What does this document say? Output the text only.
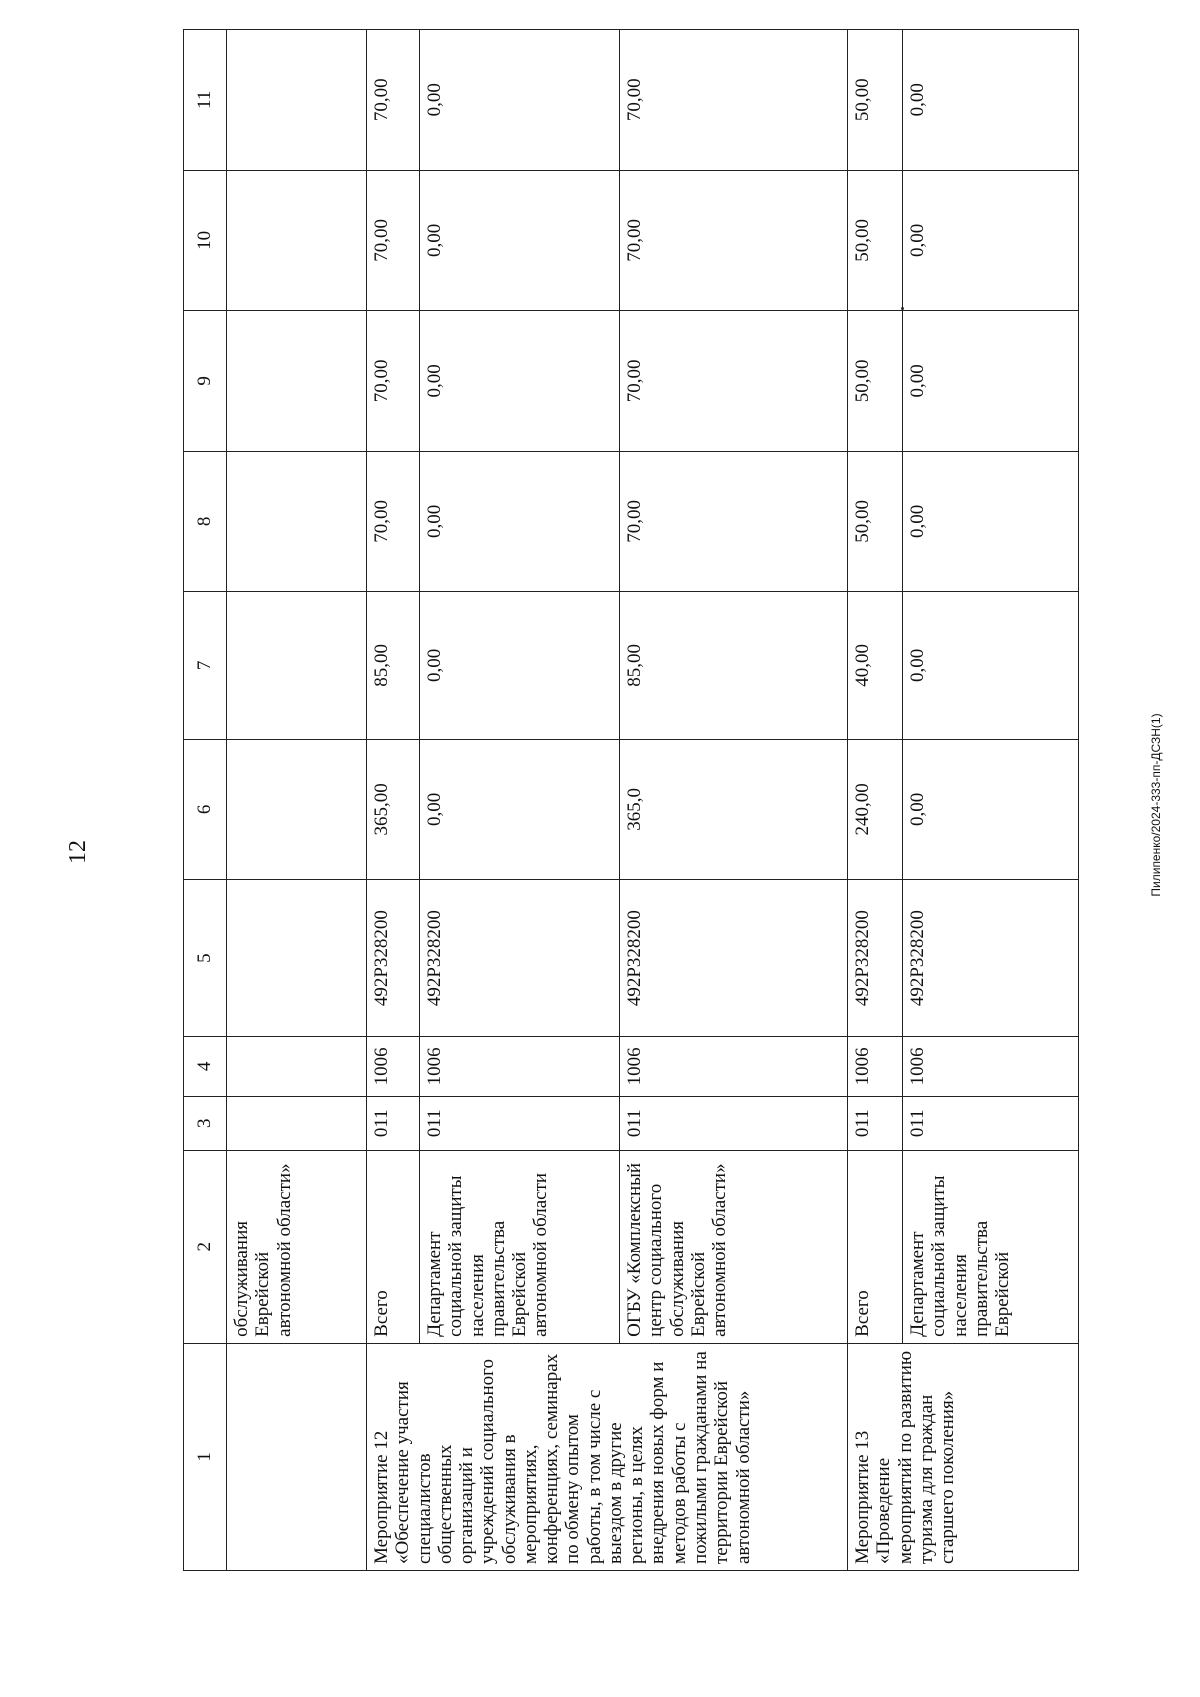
12	Пилипенко/2024-333-пп-ДСЗН(1)
1	2	3	4	5	6	7	8	9	10	11
	обслуживания Еврейской автономной области»									
Мероприятие 12 «Обеспечение участия специалистов общественных организаций и учреждений социального обслуживания в мероприятиях, конференциях, семинарах по обмену опытом работы, в том числе с выездом в другие регионы, в целях внедрения новых форм и методов работы с пожилыми гражданами на территории Еврейской автономной области»	Всего	011	1006	492Р328200	365,00	85,00	70,00	70,00	70,00	70,00
	Департамент социальной защиты населения правительства Еврейской автономной области	011	1006	492Р328200	0,00	0,00	0,00	0,00	0,00	0,00
	ОГБУ «Комплексный центр социального обслуживания Еврейской автономной области»	011	1006	492Р328200	365,0	85,00	70,00	70,00	70,00	70,00
Мероприятие 13 «Проведение мероприятий по развитию туризма для граждан старшего поколения»	Всего	011	1006	492Р328200	240,00	40,00	50,00	50,00	50,00	50,00
	Департамент социальной защиты населения правительства Еврейской	011	1006	492Р328200	0,00	0,00	0,00	0,00	0,00	0,00
